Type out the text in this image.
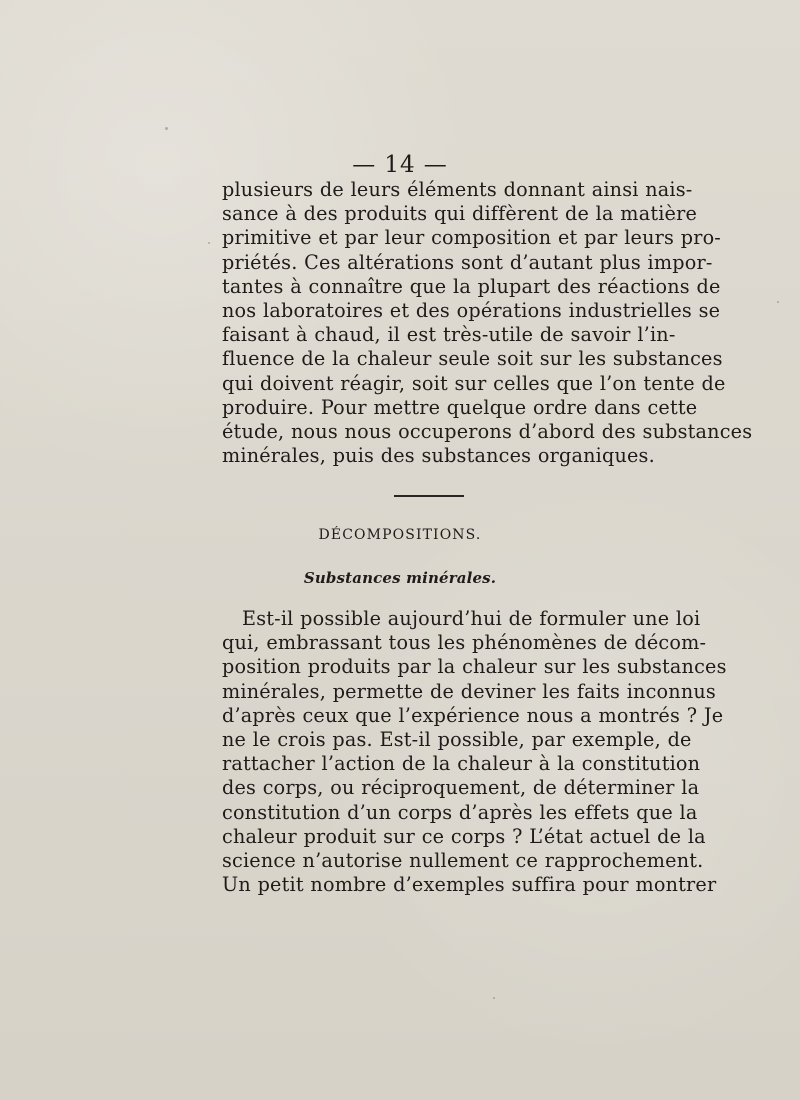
— 14 —
plusieurs de leurs éléments donnant ainsi nais-
sance à des produits qui diffèrent de la matière
primitive et par leur composition et par leurs pro-
priétés. Ces altérations sont d’autant plus impor-
tantes à connaître que la plupart des réactions de
nos laboratoires et des opérations industrielles se
faisant à chaud, il est très-utile de savoir l’in-
fluence de la chaleur seule soit sur les substances
qui doivent réagir, soit sur celles que l’on tente de
produire. Pour mettre quelque ordre dans cette
étude, nous nous occuperons d’abord des substances
minérales, puis des substances organiques.
DÉCOMPOSITIONS.
Substances minérales.
Est-il possible aujourd’hui de formuler une loi
qui, embrassant tous les phénomènes de décom-
position produits par la chaleur sur les substances
minérales, permette de deviner les faits inconnus
d’après ceux que l’expérience nous a montrés ? Je
ne le crois pas. Est-il possible, par exemple, de
rattacher l’action de la chaleur à la constitution
des corps, ou réciproquement, de déterminer la
constitution d’un corps d’après les effets que la
chaleur produit sur ce corps ? L’état actuel de la
science n’autorise nullement ce rapprochement.
Un petit nombre d’exemples suffira pour montrer
